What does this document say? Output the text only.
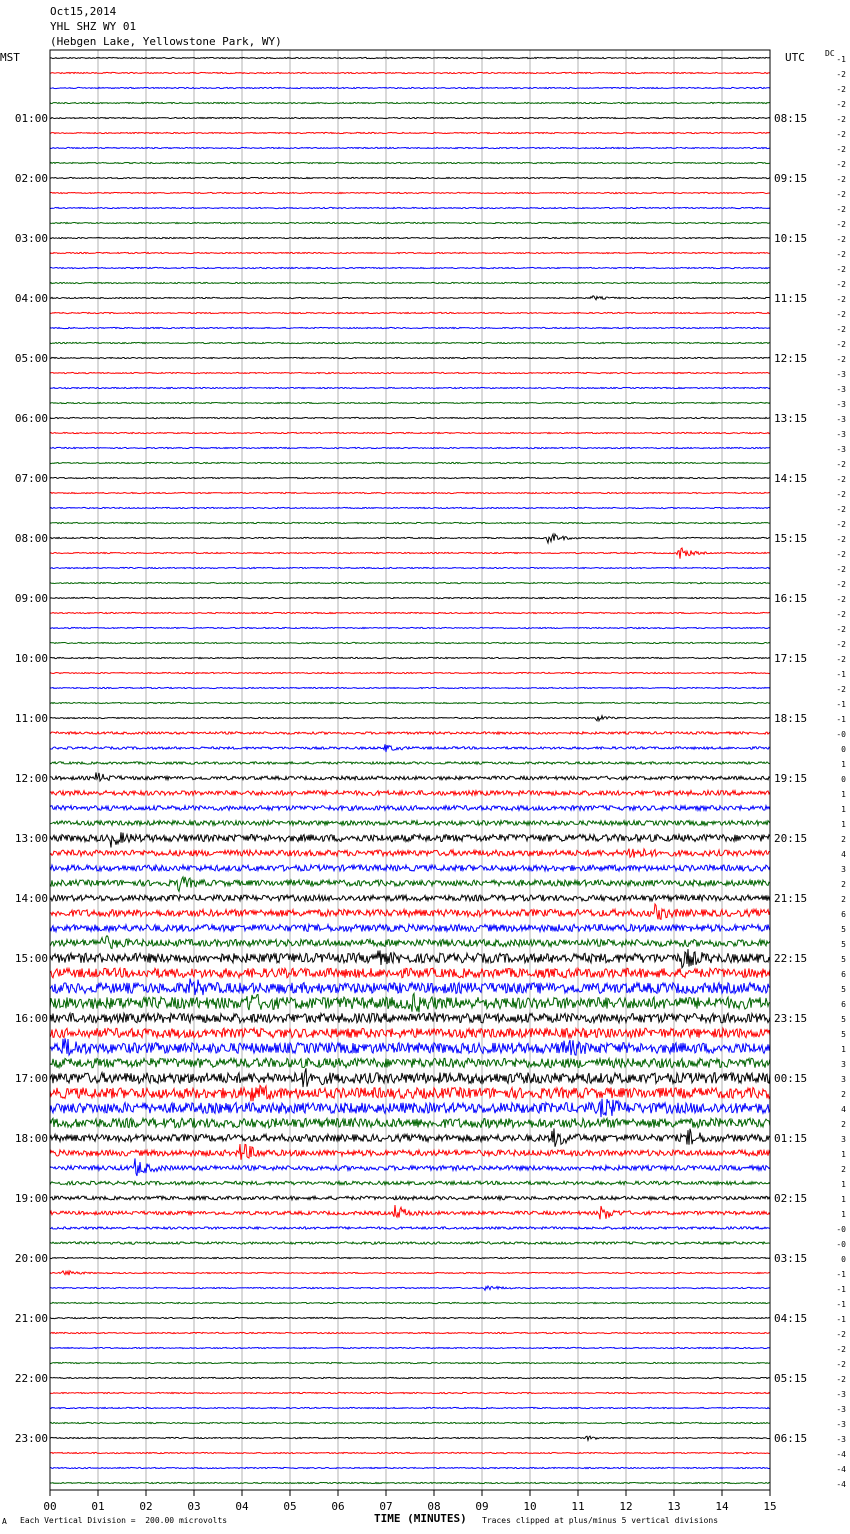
Oct15,2014
YHL SHZ WY 01
(Hebgen Lake, Yellowstone Park, WY)
00	01	02	03	04	05	06	07	08	09	10	11	12	13	14	15
-1
-2
-2
-2
-2
-2
-2
-2
-2
-2
-2
-2
-2
-2
-2
-2
-2
-2
-2
-2
-2
-3
-3
-3
-3
-3
-3
-2
-2
-2
-2
-2
-2
-2
-2
-2
-2
-2
-2
-2
-2
-1
-2
-1
-1
-0
0
1
0
1
1
1
2
4
3
2
2
6
5
5
5
6
5
6
5
5
1
3
3
2
4
2
3
1
2
1
1
1
-0
-0
0
-1
-1
-1
-1
-2
-2
-2
-2
-3
-3
-3
-3
-4
-4
-4
01:00
02:00
03:00
04:00
05:00
06:00
07:00
08:00
09:00
10:00
11:00
12:00
13:00
14:00
15:00
16:00
17:00
18:00
19:00
20:00
21:00
22:00
23:00
08:15
09:15
10:15
11:15
12:15
13:15
14:15
15:15
16:15
17:15
18:15
19:15
20:15
21:15
22:15
23:15
00:15
01:15
02:15
03:15
04:15
05:15
06:15
MST	UTC	DC
A Each Vertical Division =  200.00 microvolts	TIME (MINUTES) Traces clipped at plus/minus 5 vertical divisions
